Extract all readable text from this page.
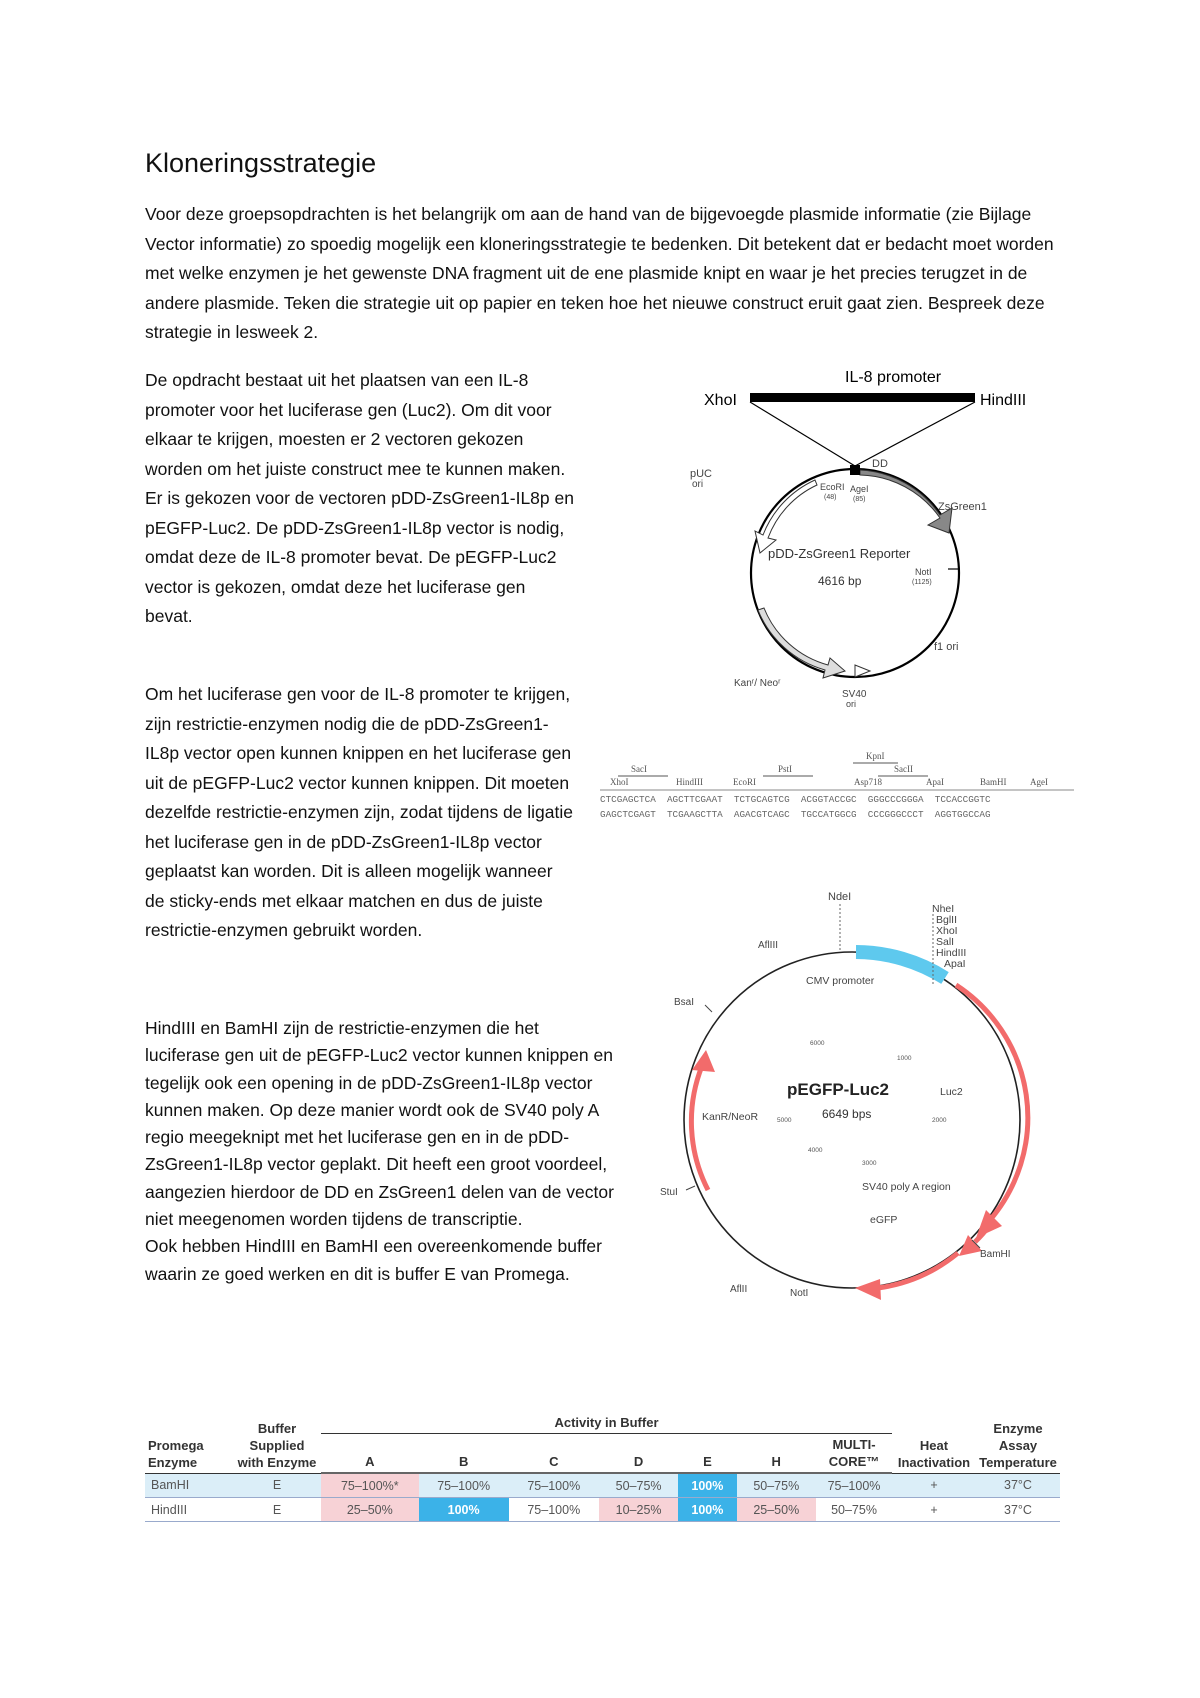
Kloneringsstrategie

Voor deze groepsopdrachten is het belangrijk om aan de hand van de bijgevoegde plasmide informatie (zie Bijlage Vector informatie) zo spoedig mogelijk een kloneringsstrategie te bedenken. Dit betekent dat er bedacht moet worden met welke enzymen je het gewenste DNA fragment uit de ene plasmide knipt en waar je het precies terugzet in de andere plasmide. Teken die strategie uit op papier en teken hoe het nieuwe construct eruit gaat zien. Bespreek deze strategie in lesweek 2.

De opdracht bestaat uit het plaatsen van een IL-8 promoter voor het luciferase gen (Luc2). Om dit voor elkaar te krijgen, moesten er 2 vectoren gekozen worden om het juiste construct mee te kunnen maken. Er is gekozen voor de vectoren pDD-ZsGreen1-IL8p en pEGFP-Luc2. De pDD-ZsGreen1-IL8p vector is nodig, omdat deze de IL-8 promoter bevat. De pEGFP-Luc2 vector is gekozen, omdat deze het luciferase gen bevat.

Om het luciferase gen voor de IL-8 promoter te krijgen, zijn restrictie-enzymen nodig die de pDD-ZsGreen1-IL8p vector open kunnen knippen en het luciferase gen uit de pEGFP-Luc2 vector kunnen knippen. Dit moeten dezelfde restrictie-enzymen zijn, zodat tijdens de ligatie het luciferase gen in de pDD-ZsGreen1-IL8p vector geplaatst kan worden. Dit is alleen mogelijk wanneer de sticky-ends met elkaar matchen en dus de juiste restrictie-enzymen gebruikt worden.

HindIII en BamHI zijn de restrictie-enzymen die het luciferase gen uit de pEGFP-Luc2 vector kunnen knippen en tegelijk ook een opening in de pDD-ZsGreen1-IL8p vector kunnen maken. Op deze manier wordt ook de SV40 poly A regio meegeknipt met het luciferase gen en in de pDD-ZsGreen1-IL8p vector geplakt. Dit heeft een groot voordeel, aangezien hierdoor de DD en ZsGreen1 delen van de vector niet meegenomen worden tijdens de transcriptie.
Ook hebben HindIII en BamHI een overeenkomende buffer waarin ze goed werken en dit is buffer E van Promega.
IL-8 promoter
XhoI	HindIII
pUC
ori	EcoRI
(48)
AgeI
(85)
DD
ZsGreen1
pDD-ZsGreen1 Reporter
4616 bp
NotI
(1125)
f1 ori
Kanʳ/ Neoʳ
SV40
ori
SacI	PstI
KpnI
SacII
XhoI	HindIII	EcoRI	Asp718	ApaI	BamHI	AgeI
CTCGAGCTCA  AGCTTCGAAT  TCTGCAGTCG  ACGGTACCGC  GGGCCCGGGA  TCCACCGGTC
GAGCTCGAGT  TCGAAGCTTA  AGACGTCAGC  TGCCATGGCG  CCCGGGCCCT  AGGTGGCCAG
NdeI
NheI
BglII
XhoI
SalI
HindIII
ApaI
AflIII
BsaI
StuI
AflII	NotI
BamHI
CMV promoter
Luc2
KanR/NeoR
SV40 poly A region
eGFP
pEGFP-Luc2
6649 bps
1000
2000
3000
4000
5000
6000
Promega Enzyme	Buffer Supplied with Enzyme	Activity in Buffer							Heat Inactivation	Enzyme Assay Temperature
		A	B	C	D	E	H	MULTI-CORE™		
BamHI	E	75–100%*	75–100%	75–100%	50–75%	100%	50–75%	75–100%	+	37°C
HindIII	E	25–50%	100%	75–100%	10–25%	100%	25–50%	50–75%	+	37°C
